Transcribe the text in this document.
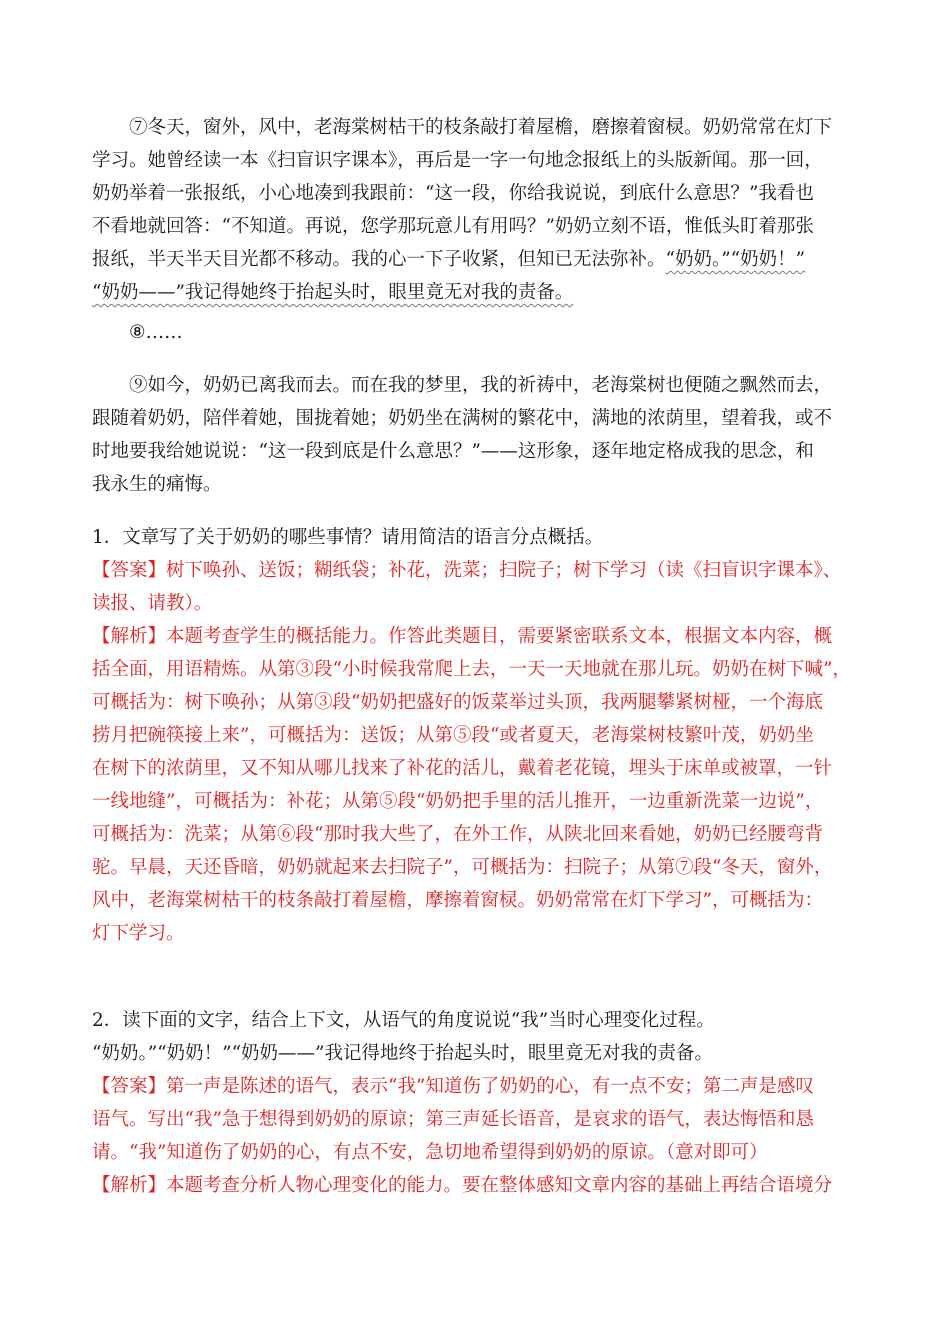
⑦冬天，窗外，风中，老海棠树枯干的枝条敲打着屋檐，磨擦着窗棂。奶奶常常在灯下
学习。她曾经读一本《扫盲识字课本》，再后是一字一句地念报纸上的头版新闻。那一回，
奶奶举着一张报纸，小心地凑到我跟前：“这一段，你给我说说，到底什么意思？”我看也
不看地就回答：“不知道。再说，您学那玩意儿有用吗？”奶奶立刻不语，惟低头盯着那张
报纸，半天半天目光都不移动。我的心一下子收紧，但知已无法弥补。“奶奶。”“奶奶！”
“奶奶——”我记得她终于抬起头时，眼里竟无对我的责备。
⑧……
⑨如今，奶奶已离我而去。而在我的梦里，我的祈祷中，老海棠树也便随之飘然而去，
跟随着奶奶，陪伴着她，围拢着她；奶奶坐在满树的繁花中，满地的浓荫里，望着我，或不
时地要我给她说说：“这一段到底是什么意思？”——这形象，逐年地定格成我的思念，和
我永生的痛悔。
1．文章写了关于奶奶的哪些事情？请用简洁的语言分点概括。
【答案】树下唤孙、送饭；糊纸袋；补花，洗菜；扫院子；树下学习（读《扫盲识字课本》、
读报、请教）。
【解析】本题考查学生的概括能力。作答此类题目，需要紧密联系文本，根据文本内容，概
括全面，用语精炼。从第③段“小时候我常爬上去，一天一天地就在那儿玩。奶奶在树下喊”，
可概括为：树下唤孙；从第③段“奶奶把盛好的饭菜举过头顶，我两腿攀紧树桠，一个海底
捞月把碗筷接上来”，可概括为：送饭；从第⑤段“或者夏天，老海棠树枝繁叶茂，奶奶坐
在树下的浓荫里，又不知从哪儿找来了补花的活儿，戴着老花镜，埋头于床单或被罩，一针
一线地缝”，可概括为：补花；从第⑤段“奶奶把手里的活儿推开，一边重新洗菜一边说”，
可概括为：洗菜；从第⑥段“那时我大些了，在外工作，从陕北回来看她，奶奶已经腰弯背
驼。早晨，天还昏暗，奶奶就起来去扫院子”，可概括为：扫院子；从第⑦段“冬天，窗外，
风中，老海棠树枯干的枝条敲打着屋檐，摩擦着窗棂。奶奶常常在灯下学习”，可概括为：
灯下学习。
2．读下面的文字，结合上下文，从语气的角度说说“我”当时心理变化过程。
“奶奶。”“奶奶！”“奶奶——”我记得地终于抬起头时，眼里竟无对我的责备。
【答案】第一声是陈述的语气，表示“我”知道伤了奶奶的心，有一点不安；第二声是感叹
语气。写出“我”急于想得到奶奶的原谅；第三声延长语音，是哀求的语气，表达悔悟和恳
请。“我”知道伤了奶奶的心，有点不安，急切地希望得到奶奶的原谅。（意对即可）
【解析】本题考查分析人物心理变化的能力。要在整体感知文章内容的基础上再结合语境分
